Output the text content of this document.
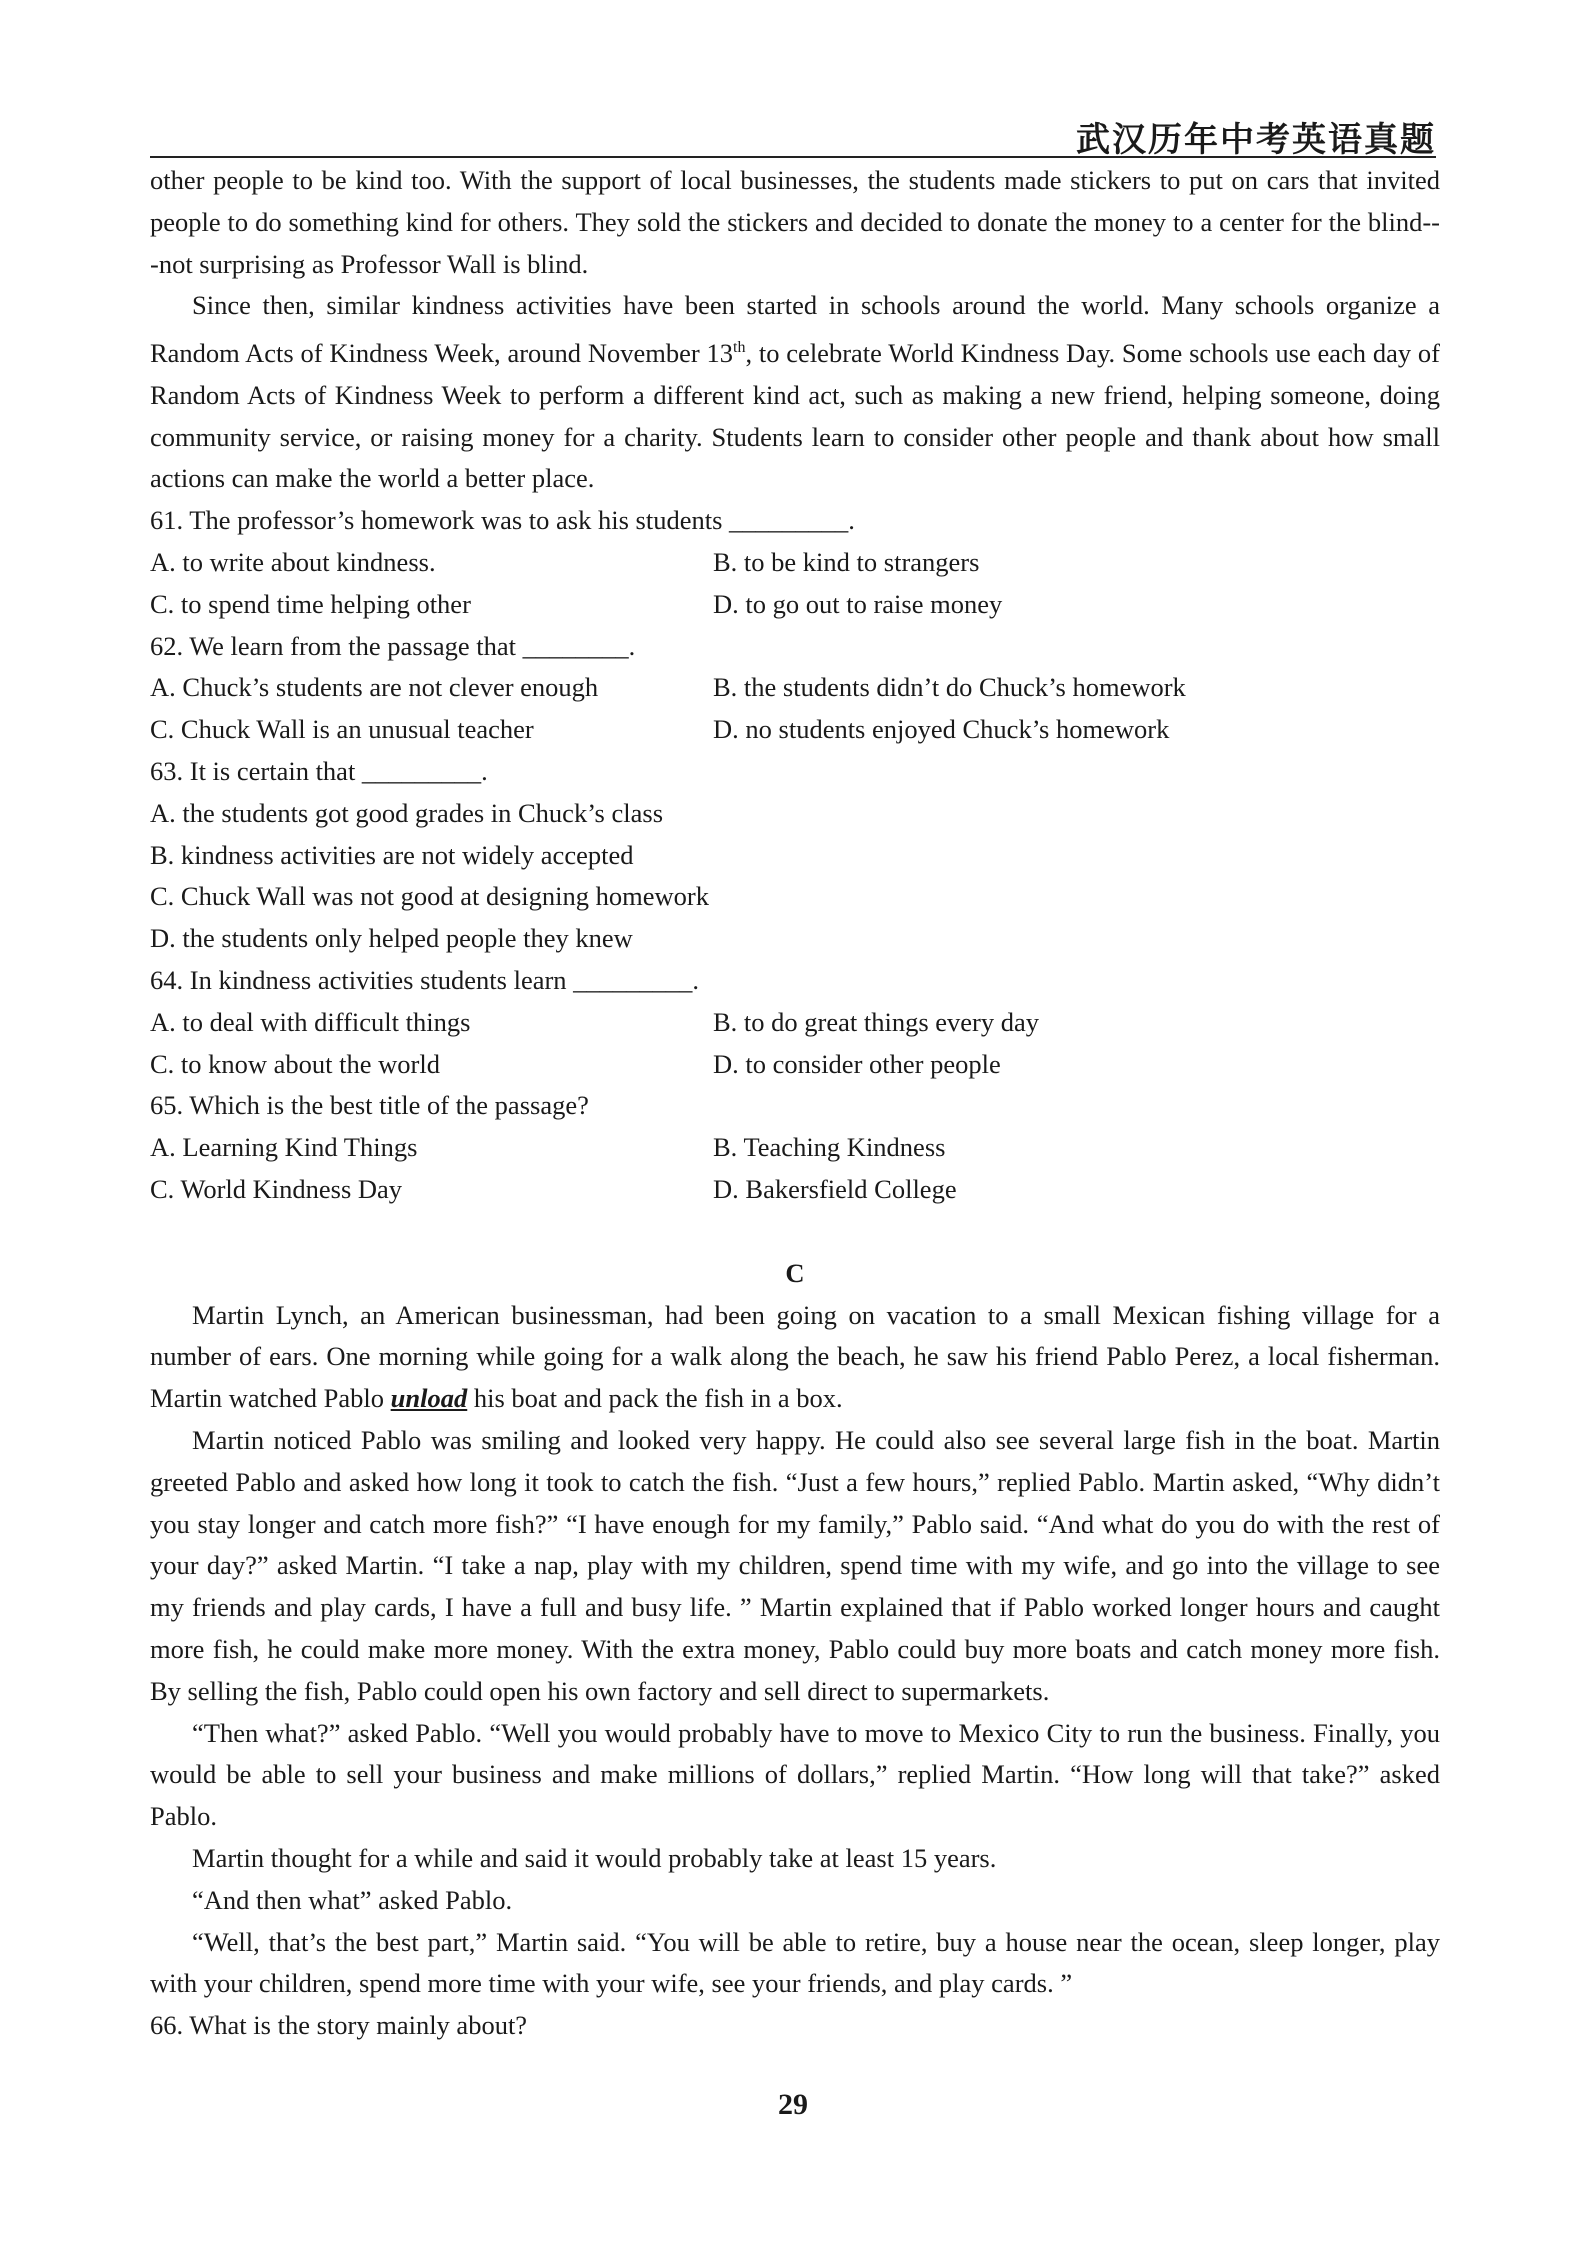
武汉历年中考英语真题

other people to be kind too. With the support of local businesses, the students made stickers to put on cars that invited people to do something kind for others. They sold the stickers and decided to donate the money to a center for the blind---not surprising as Professor Wall is blind.

Since then, similar kindness activities have been started in schools around the world. Many schools organize a Random Acts of Kindness Week, around November 13th, to celebrate World Kindness Day. Some schools use each day of Random Acts of Kindness Week to perform a different kind act, such as making a new friend, helping someone, doing community service, or raising money for a charity. Students learn to consider other people and thank about how small actions can make the world a better place.

61. The professor’s homework was to ask his students _________.

A. to write about kindness.	B. to be kind to strangers
C. to spend time helping other	D. to go out to raise money

62. We learn from the passage that ________.

A. Chuck’s students are not clever enough	B. the students didn’t do Chuck’s homework
C. Chuck Wall is an unusual teacher	D. no students enjoyed Chuck’s homework

63. It is certain that _________.

A. the students got good grades in Chuck’s class

B. kindness activities are not widely accepted

C. Chuck Wall was not good at designing homework

D. the students only helped people they knew

64. In kindness activities students learn _________.

A. to deal with difficult things	B. to do great things every day
C. to know about the world	D. to consider other people

65. Which is the best title of the passage?

A. Learning Kind Things	B. Teaching Kindness
C. World Kindness Day	D. Bakersfield College

C

Martin Lynch, an American businessman, had been going on vacation to a small Mexican fishing village for a number of ears. One morning while going for a walk along the beach, he saw his friend Pablo Perez, a local fisherman. Martin watched Pablo unload his boat and pack the fish in a box.

Martin noticed Pablo was smiling and looked very happy. He could also see several large fish in the boat. Martin greeted Pablo and asked how long it took to catch the fish. “Just a few hours,” replied Pablo. Martin asked, “Why didn’t you stay longer and catch more fish?” “I have enough for my family,” Pablo said. “And what do you do with the rest of your day?” asked Martin. “I take a nap, play with my children, spend time with my wife, and go into the village to see my friends and play cards, I have a full and busy life. ” Martin explained that if Pablo worked longer hours and caught more fish, he could make more money. With the extra money, Pablo could buy more boats and catch money more fish. By selling the fish, Pablo could open his own factory and sell direct to supermarkets.

“Then what?” asked Pablo. “Well you would probably have to move to Mexico City to run the business. Finally, you would be able to sell your business and make millions of dollars,” replied Martin. “How long will that take?” asked Pablo.

Martin thought for a while and said it would probably take at least 15 years.

“And then what” asked Pablo.

“Well, that’s the best part,” Martin said. “You will be able to retire, buy a house near the ocean, sleep longer, play with your children, spend more time with your wife, see your friends, and play cards. ”

66. What is the story mainly about?

29
